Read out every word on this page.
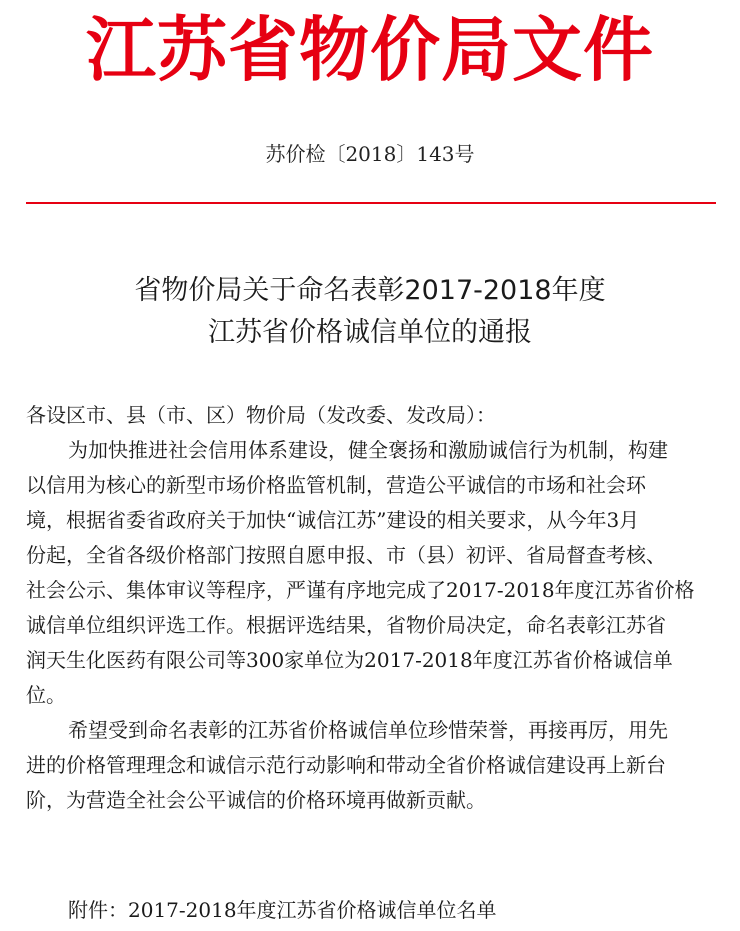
江苏省物价局文件
苏价检〔2018〕143号
省物价局关于命名表彰2017-2018年度
江苏省价格诚信单位的通报
各设区市、县（市、区）物价局（发改委、发改局）：
为加快推进社会信用体系建设，健全褒扬和激励诚信行为机制，构建
以信用为核心的新型市场价格监管机制，营造公平诚信的市场和社会环
境，根据省委省政府关于加快“诚信江苏”建设的相关要求，从今年3月
份起，全省各级价格部门按照自愿申报、市（县）初评、省局督查考核、
社会公示、集体审议等程序，严谨有序地完成了2017-2018年度江苏省价格
诚信单位组织评选工作。根据评选结果，省物价局决定，命名表彰江苏省
润天生化医药有限公司等300家单位为2017-2018年度江苏省价格诚信单
位。
希望受到命名表彰的江苏省价格诚信单位珍惜荣誉，再接再厉，用先
进的价格管理理念和诚信示范行动影响和带动全省价格诚信建设再上新台
阶，为营造全社会公平诚信的价格环境再做新贡献。
附件：2017-2018年度江苏省价格诚信单位名单
